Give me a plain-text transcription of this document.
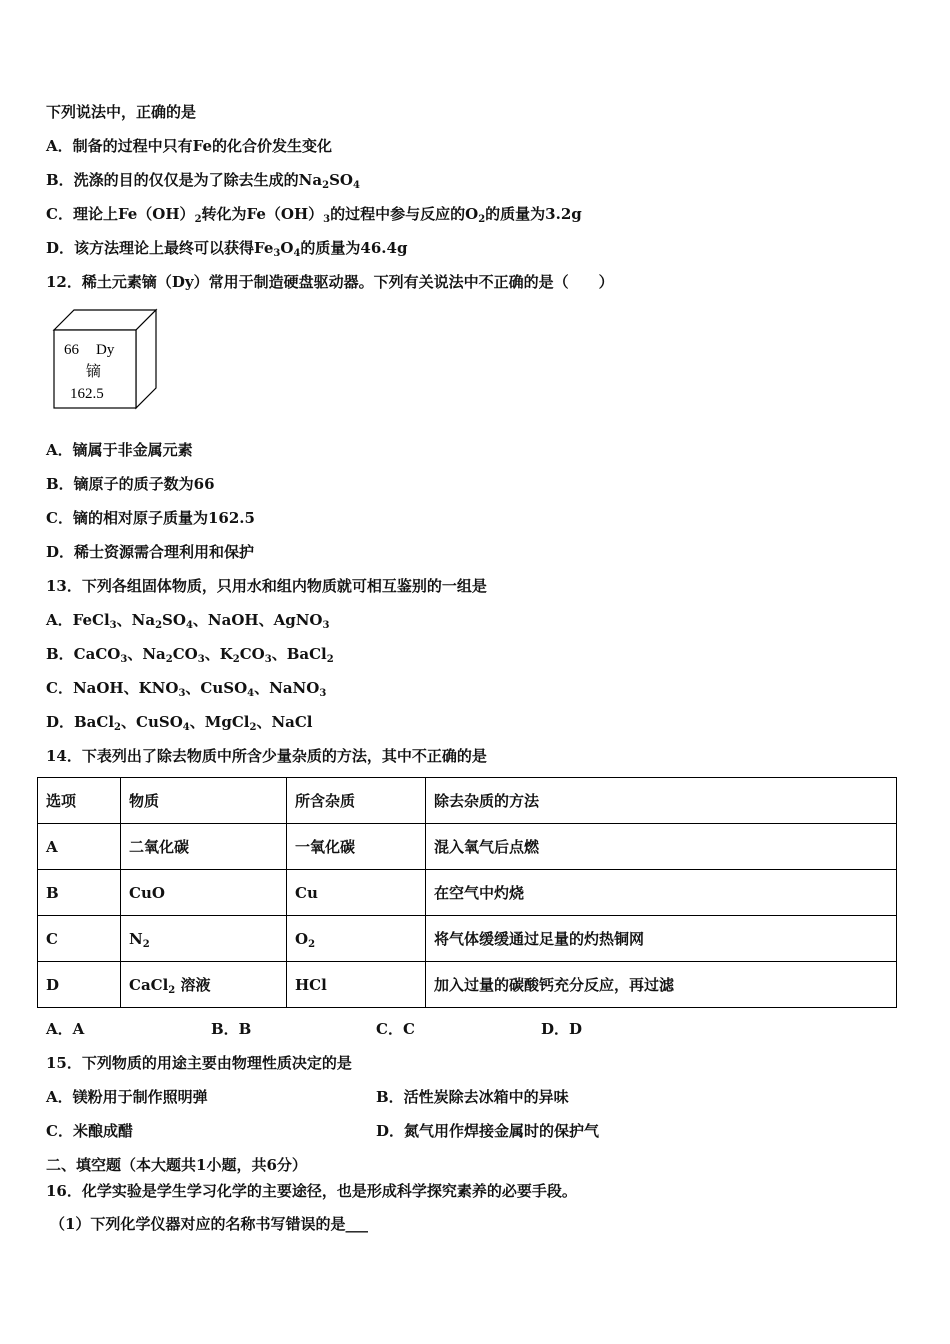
下列说法中，正确的是
A．制备的过程中只有Fe的化合价发生变化
B．洗涤的目的仅仅是为了除去生成的$Na_2SO_4$
C．理论上$Fe(OH)_2$转化为$Fe(OH)_3$的过程中参与反应的$O_2$的质量为3.2g
D．该方法理论上最终可以获得$Fe_3O_4$的质量为46.4g
12．稀土元素镝（Dy）常用于制造硬盘驱动器。下列有关说法中不正确的是（　　）
66 Dy
镝
162.5
A．镝属于非金属元素
B．镝原子的质子数为66
C．镝的相对原子质量为162.5
D．稀士资源需合理利用和保护
13．下列各组固体物质，只用水和组内物质就可相互鉴别的一组是
A．FeCl$_3$、$Na_2SO_4$、NaOH、AgNO$_3$
B．CaCO$_3$、$Na_2CO_3$、$K_2CO_3$、BaCl$_2$
C．NaOH、$KNO_3$、CuSO$_4$、NaNO$_3$
D．BaCl$_2$、CuSO$_4$、MgCl$_2$、NaCl
14．下表列出了除去物质中所含少量杂质的方法，其中不正确的是
选项	物质	所含杂质	除去杂质的方法
A	二氧化碳	一氧化碳	混入氧气后点燃
B	CuO	Cu	在空气中灼烧
C	$N_2$	$O_2$	将气体缓缓通过足量的灼热铜网
D	CaCl$_2$ 溶液	HCl	加入过量的碳酸钙充分反应，再过滤
A．A	B．B	C．C	D．D
15．下列物质的用途主要由物理性质决定的是
A．镁粉用于制作照明弹	B．活性炭除去冰箱中的异味
C．米酿成醋	D．氮气用作焊接金属时的保护气
二、填空题（本大题共1小题，共6分）
16．化学实验是学生学习化学的主要途径，也是形成科学探究素养的必要手段。
（1）下列化学仪器对应的名称书写错误的是___
